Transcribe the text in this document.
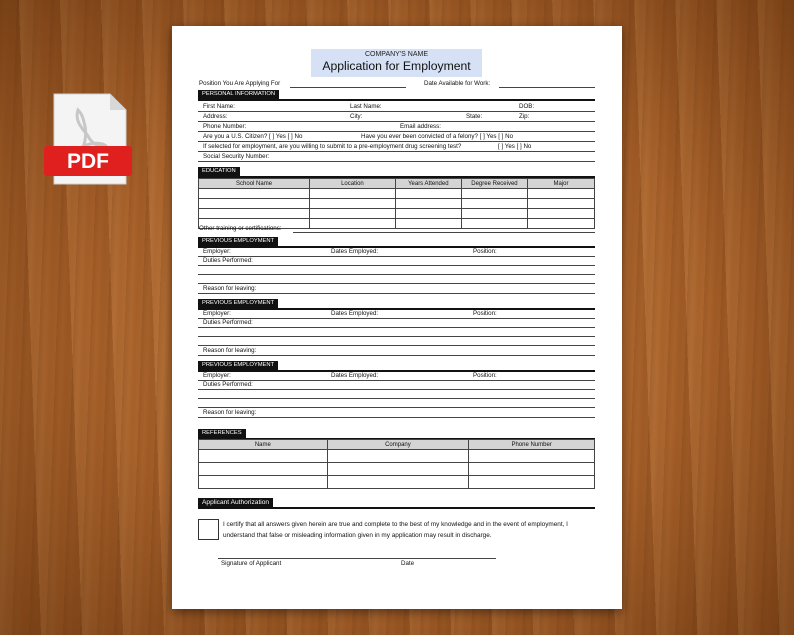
PDF
COMPANY'S NAME
Application for Employment
Position You Are Applying For	Date Available for Work:
PERSONAL INFORMATION
First Name:	Last Name:	DOB:
Address:	City:	State:	Zip:
Phone Number:	Email address:
Are you a U.S. Citizen? [ ] Yes [ ] No	Have you ever been convicted of a felony? [ ] Yes [ ] No
If selected for employment, are you willing to submit to a pre-employment drug screening test?	[ ] Yes [ ] No
Social Security Number:
EDUCATION
School Name	Location	Years Attended	Degree Received	Major

Other training or certifications:
PREVIOUS EMPLOYMENT
Employer:	Dates Employed:	Position:
Duties Performed:
Reason for leaving:
PREVIOUS EMPLOYMENT
Employer:	Dates Employed:	Position:
Duties Performed:
Reason for leaving:
PREVIOUS EMPLOYMENT
Employer:	Dates Employed:	Position:
Duties Performed:
Reason for leaving:
REFERENCES
Name	Company	Phone Number

Applicant Authorization
I certify that all answers given herein are true and complete to the best of my knowledge and in the event of employment, I understand that false or misleading information given in my application may result in discharge.
Signature of Applicant	Date
